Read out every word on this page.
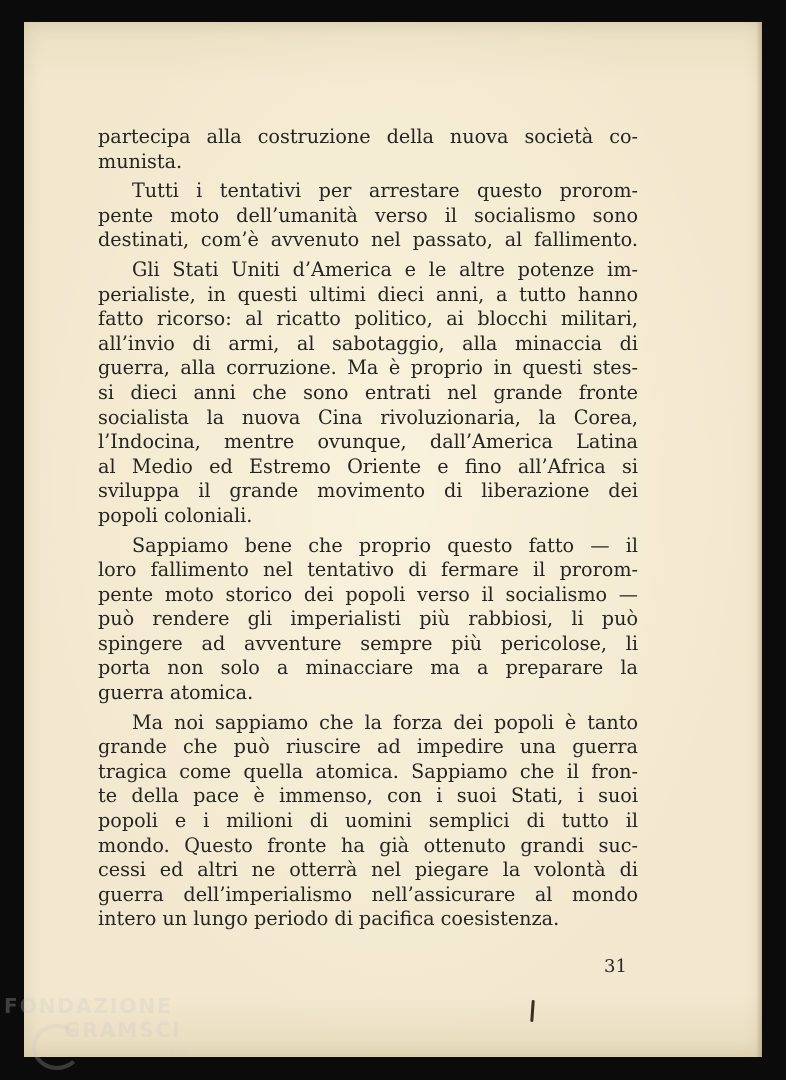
partecipa alla costruzione della nuova società co-
munista.
Tutti i tentativi per arrestare questo prorom-
pente moto dell’umanità verso il socialismo sono
destinati, com’è avvenuto nel passato, al fallimento.
Gli Stati Uniti d’America e le altre potenze im-
perialiste, in questi ultimi dieci anni, a tutto hanno
fatto ricorso: al ricatto politico, ai blocchi militari,
all’invio di armi, al sabotaggio, alla minaccia di
guerra, alla corruzione. Ma è proprio in questi stes-
si dieci anni che sono entrati nel grande fronte
socialista la nuova Cina rivoluzionaria, la Corea,
l’Indocina, mentre ovunque, dall’America Latina
al Medio ed Estremo Oriente e fino all’Africa si
sviluppa il grande movimento di liberazione dei
popoli coloniali.
Sappiamo bene che proprio questo fatto — il
loro fallimento nel tentativo di fermare il prorom-
pente moto storico dei popoli verso il socialismo —
può rendere gli imperialisti più rabbiosi, li può
spingere ad avventure sempre più pericolose, li
porta non solo a minacciare ma a preparare la
guerra atomica.
Ma noi sappiamo che la forza dei popoli è tanto
grande che può riuscire ad impedire una guerra
tragica come quella atomica. Sappiamo che il fron-
te della pace è immenso, con i suoi Stati, i suoi
popoli e i milioni di uomini semplici di tutto il
mondo. Questo fronte ha già ottenuto grandi suc-
cessi ed altri ne otterrà nel piegare la volontà di
guerra dell’imperialismo nell’assicurare al mondo
intero un lungo periodo di pacifica coesistenza.
31
FONDAZIONE
GRAMSCI
onlus
